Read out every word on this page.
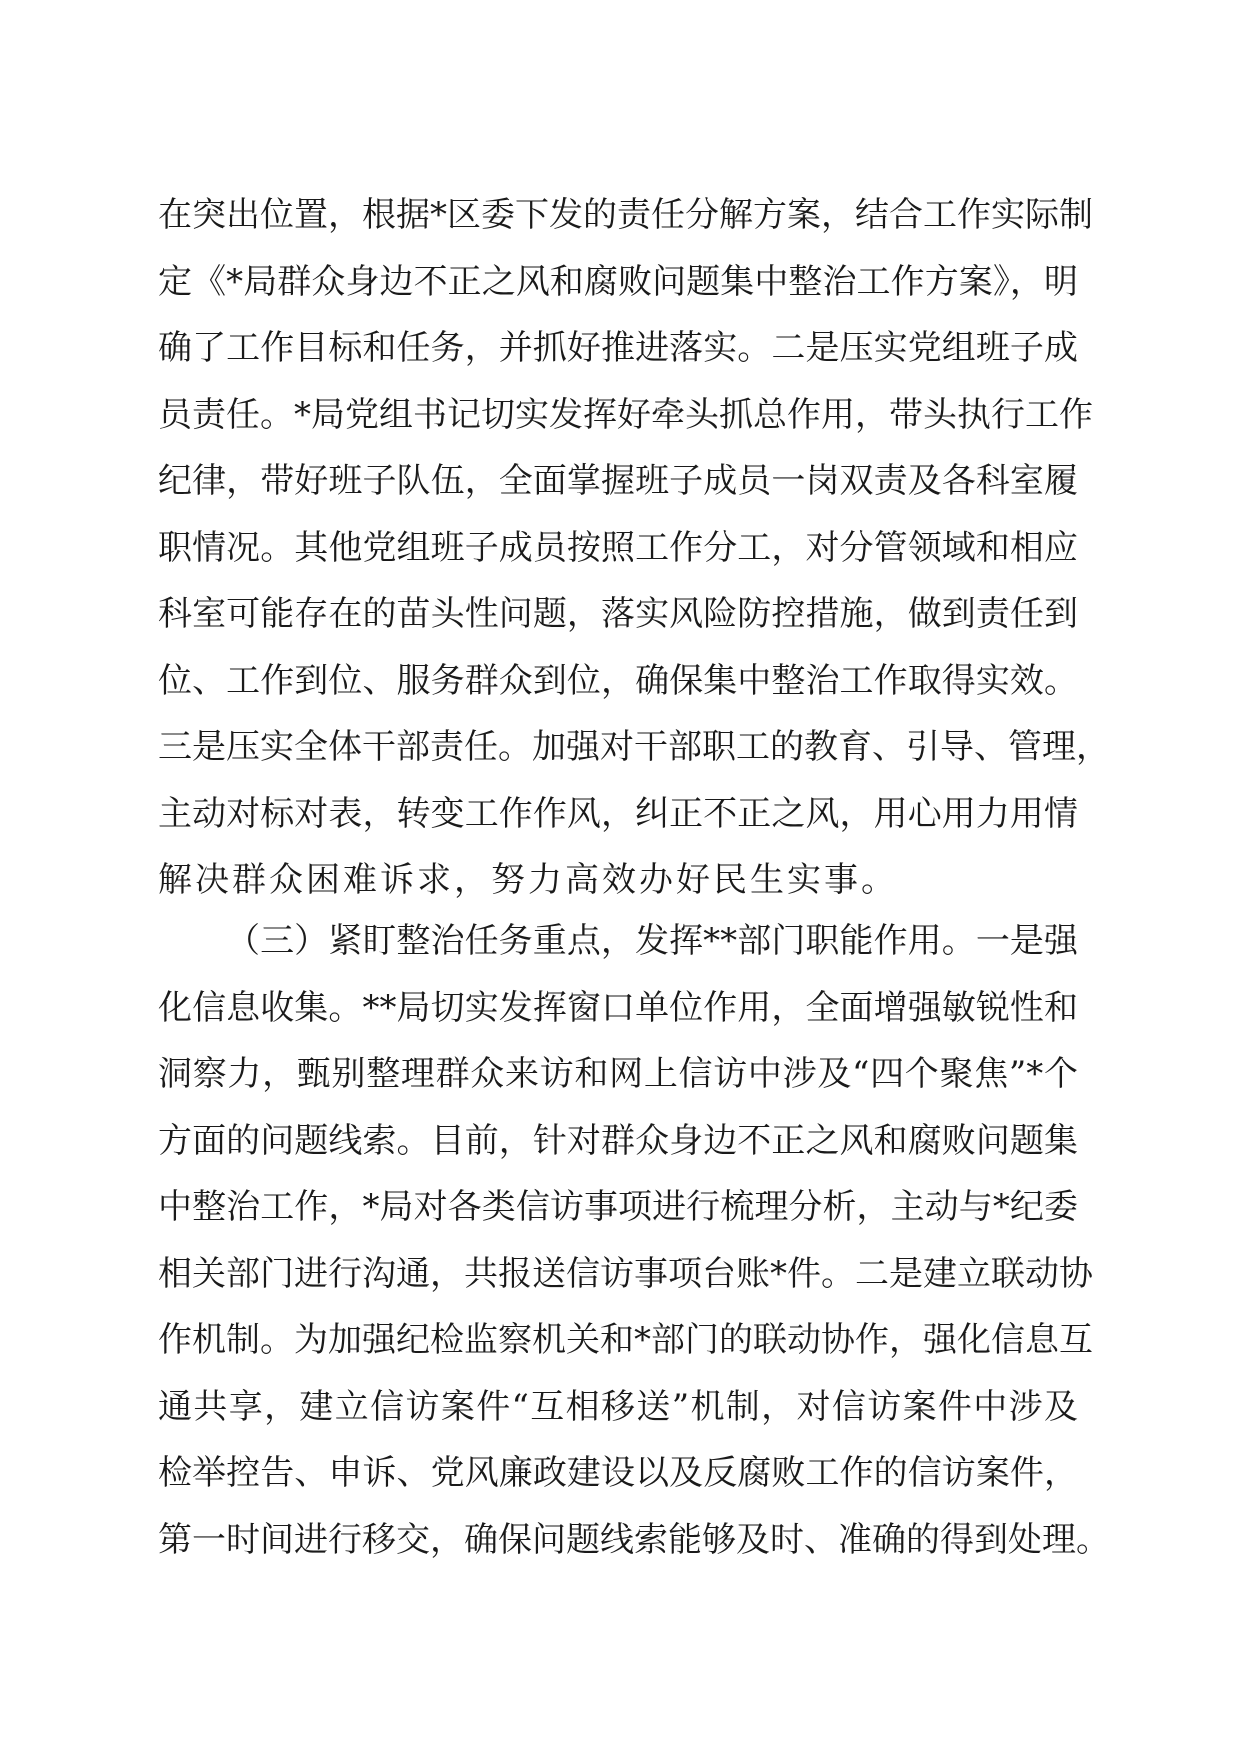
在突出位置，根据*区委下发的责任分解方案，结合工作实际制
定《*局群众身边不正之风和腐败问题集中整治工作方案》，明
确了工作目标和任务，并抓好推进落实。二是压实党组班子成
员责任。*局党组书记切实发挥好牵头抓总作用，带头执行工作
纪律，带好班子队伍，全面掌握班子成员一岗双责及各科室履
职情况。其他党组班子成员按照工作分工，对分管领域和相应
科室可能存在的苗头性问题，落实风险防控措施，做到责任到
位、工作到位、服务群众到位，确保集中整治工作取得实效。
三是压实全体干部责任。加强对干部职工的教育、引导、管理，
主动对标对表，转变工作作风，纠正不正之风，用心用力用情
解决群众困难诉求，努力高效办好民生实事。
（三）紧盯整治任务重点，发挥**部门职能作用。一是强
化信息收集。**局切实发挥窗口单位作用，全面增强敏锐性和
洞察力，甄别整理群众来访和网上信访中涉及“四个聚焦”*个
方面的问题线索。目前，针对群众身边不正之风和腐败问题集
中整治工作，*局对各类信访事项进行梳理分析，主动与*纪委
相关部门进行沟通，共报送信访事项台账*件。二是建立联动协
作机制。为加强纪检监察机关和*部门的联动协作，强化信息互
通共享，建立信访案件“互相移送”机制，对信访案件中涉及
检举控告、申诉、党风廉政建设以及反腐败工作的信访案件，
第一时间进行移交，确保问题线索能够及时、准确的得到处理。
